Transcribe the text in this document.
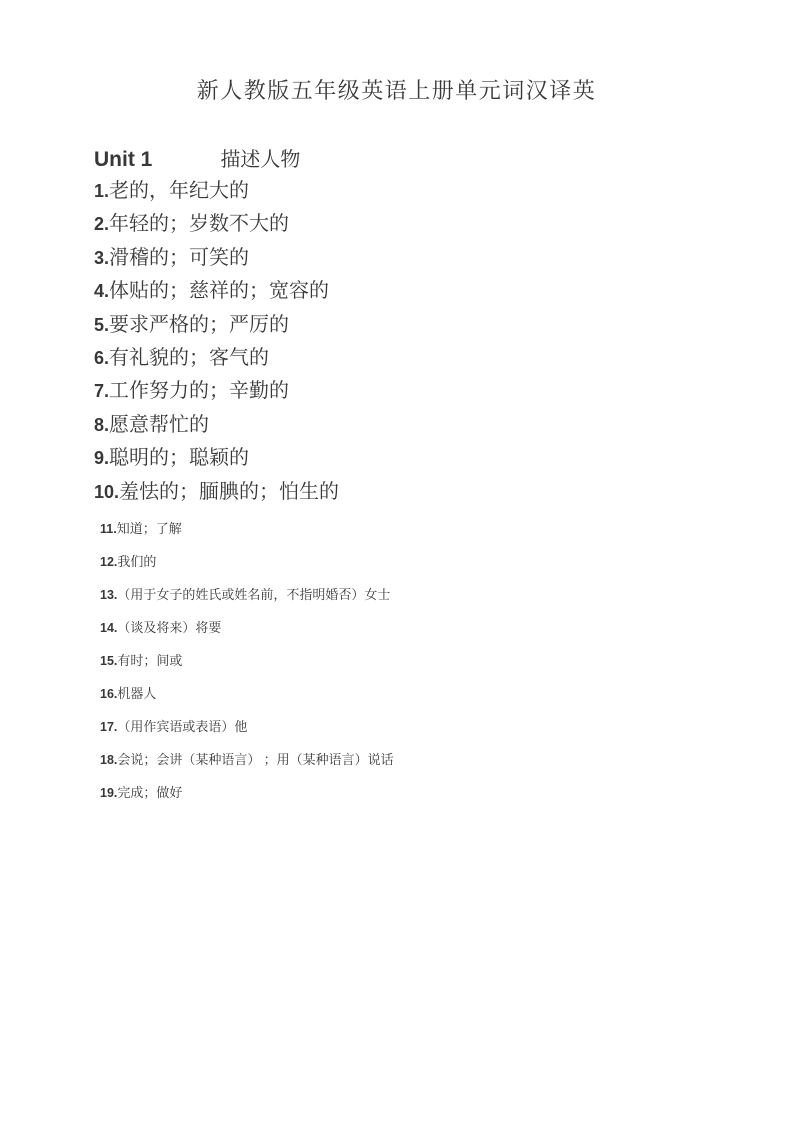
新人教版五年级英语上册单元词汉译英
Unit 1	描述人物
1.老的，年纪大的
2.年轻的；岁数不大的
3.滑稽的；可笑的
4.体贴的；慈祥的；宽容的
5.要求严格的；严厉的
6.有礼貌的；客气的
7.工作努力的；辛勤的
8.愿意帮忙的
9.聪明的；聪颖的
10.羞怯的；腼腆的；怕生的
11.知道；了解
12.我们的
13.（用于女子的姓氏或姓名前，不指明婚否）女士
14.（谈及将来）将要
15.有时；间或
16.机器人
17.（用作宾语或表语）他
18.会说；会讲（某种语言） ；用（某种语言）说话
19.完成；做好
